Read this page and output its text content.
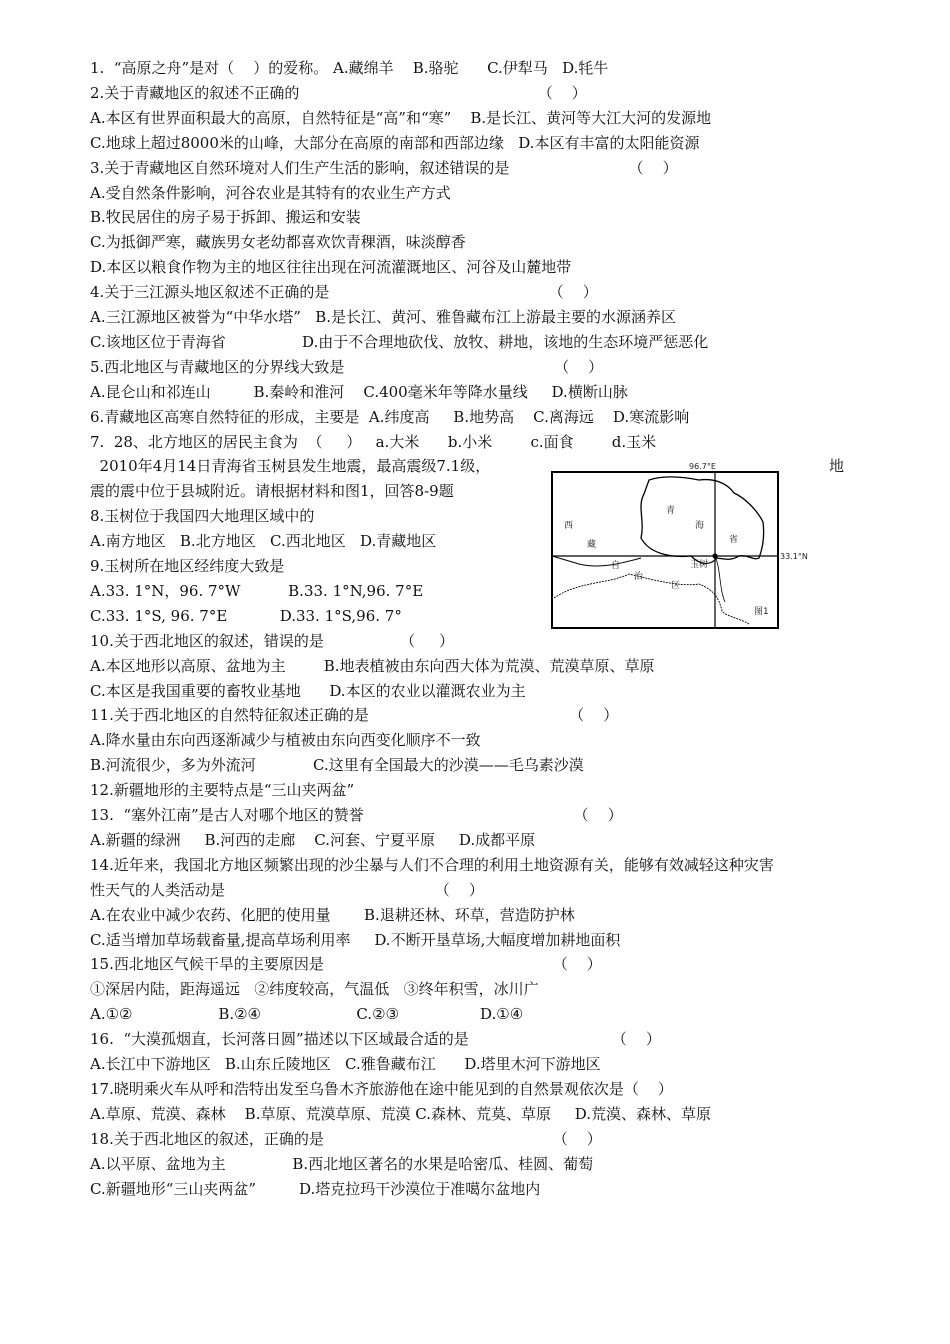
1.  “高原之舟”是对（    ）的爱称。 A.藏绵羊    B.骆驼      C.伊犁马   D.牦牛
2.关于青藏地区的叙述不正确的                                                  （    ）
A.本区有世界面积最大的高原，自然特征是“高”和“寒”    B.是长江、黄河等大江大河的发源地
C.地球上超过8000米的山峰，大部分在高原的南部和西部边缘   D.本区有丰富的太阳能资源
3.关于青藏地区自然环境对人们生产生活的影响，叙述错误的是                         （    ）
A.受自然条件影响，河谷农业是其特有的农业生产方式
B.牧民居住的房子易于拆卸、搬运和安装
C.为抵御严寒，藏族男女老幼都喜欢饮青稞酒，味淡醇香
D.本区以粮食作物为主的地区往往出现在河流灌溉地区、河谷及山麓地带
4.关于三江源头地区叙述不正确的是                                              （    ）
A.三江源地区被誉为“中华水塔”   B.是长江、黄河、雅鲁藏布江上游最主要的水源涵养区
C.该地区位于青海省                D.由于不合理地砍伐、放牧、耕地，该地的生态环境严惩恶化
5.西北地区与青藏地区的分界线大致是                                            （    ）
A.昆仑山和祁连山         B.秦岭和淮河    C.400毫米年等降水量线     D.横断山脉
6.青藏地区高寒自然特征的形成，主要是  A.纬度高     B.地势高    C.离海远    D.寒流影响
7.  28、北方地区的居民主食为  （     ）   a.大米      b.小米        c.面食        d.玉米
2010年4月14日青海省玉树县发生地震，最高震级7.1级，
震的震中位于县城附近。请根据材料和图1，回答8-9题
8.玉树位于我国四大地理区域中的
A.南方地区   B.北方地区   C.西北地区   D.青藏地区
9.玉树所在地区经纬度大致是
A.33. 1°N，96. 7°W          B.33. 1°N,96. 7°E
C.33. 1°S, 96. 7°E           D.33. 1°S,96. 7°
10.关于西北地区的叙述，错误的是                （     ）
A.本区地形以高原、盆地为主        B.地表植被由东向西大体为荒漠、荒漠草原、草原
C.本区是我国重要的畜牧业基地      D.本区的农业以灌溉农业为主
11.关于西北地区的自然特征叙述正确的是                                          （    ）
A.降水量由东向西逐渐减少与植被由东向西变化顺序不一致
B.河流很少，多为外流河            C.这里有全国最大的沙漠——毛乌素沙漠
12.新疆地形的主要特点是“三山夹两盆”
13.  “塞外江南”是古人对哪个地区的赞誉                                            （    ）
A.新疆的绿洲     B.河西的走廊    C.河套、宁夏平原     D.成都平原
14.近年来，我国北方地区频繁出现的沙尘暴与人们不合理的利用土地资源有关，能够有效减轻这种灾害
性天气的人类活动是                                            （    ）
A.在农业中减少农药、化肥的使用量       B.退耕还林、环草，营造防护林
C.适当增加草场载畜量,提高草场利用率     D.不断开垦草场,大幅度增加耕地面积
15.西北地区气候干旱的主要原因是                                                （    ）
①深居内陆，距海遥远   ②纬度较高，气温低   ③终年积雪，冰川广
A.①②                  B.②④                    C.②③                 D.①④
16.  “大漠孤烟直，长河落日圆”描述以下区域最合适的是                              （    ）
A.长江中下游地区   B.山东丘陵地区   C.雅鲁藏布江      D.塔里木河下游地区
17.晓明乘火车从呼和浩特出发至乌鲁木齐旅游他在途中能见到的自然景观依次是（    ）
A.草原、荒漠、森林    B.草原、荒漠草原、荒漠 C.森林、荒莫、草原     D.荒漠、森林、草原
18.关于西北地区的叙述，正确的是                                                （    ）
A.以平原、盆地为主              B.西北地区著名的水果是哈密瓜、桂圆、葡萄
C.新疆地形“三山夹两盆”         D.塔克拉玛干沙漠位于准噶尔盆地内
地
96.7°E
33.1°N
西
藏
自
治
区
青
海
省
玉树
图1
